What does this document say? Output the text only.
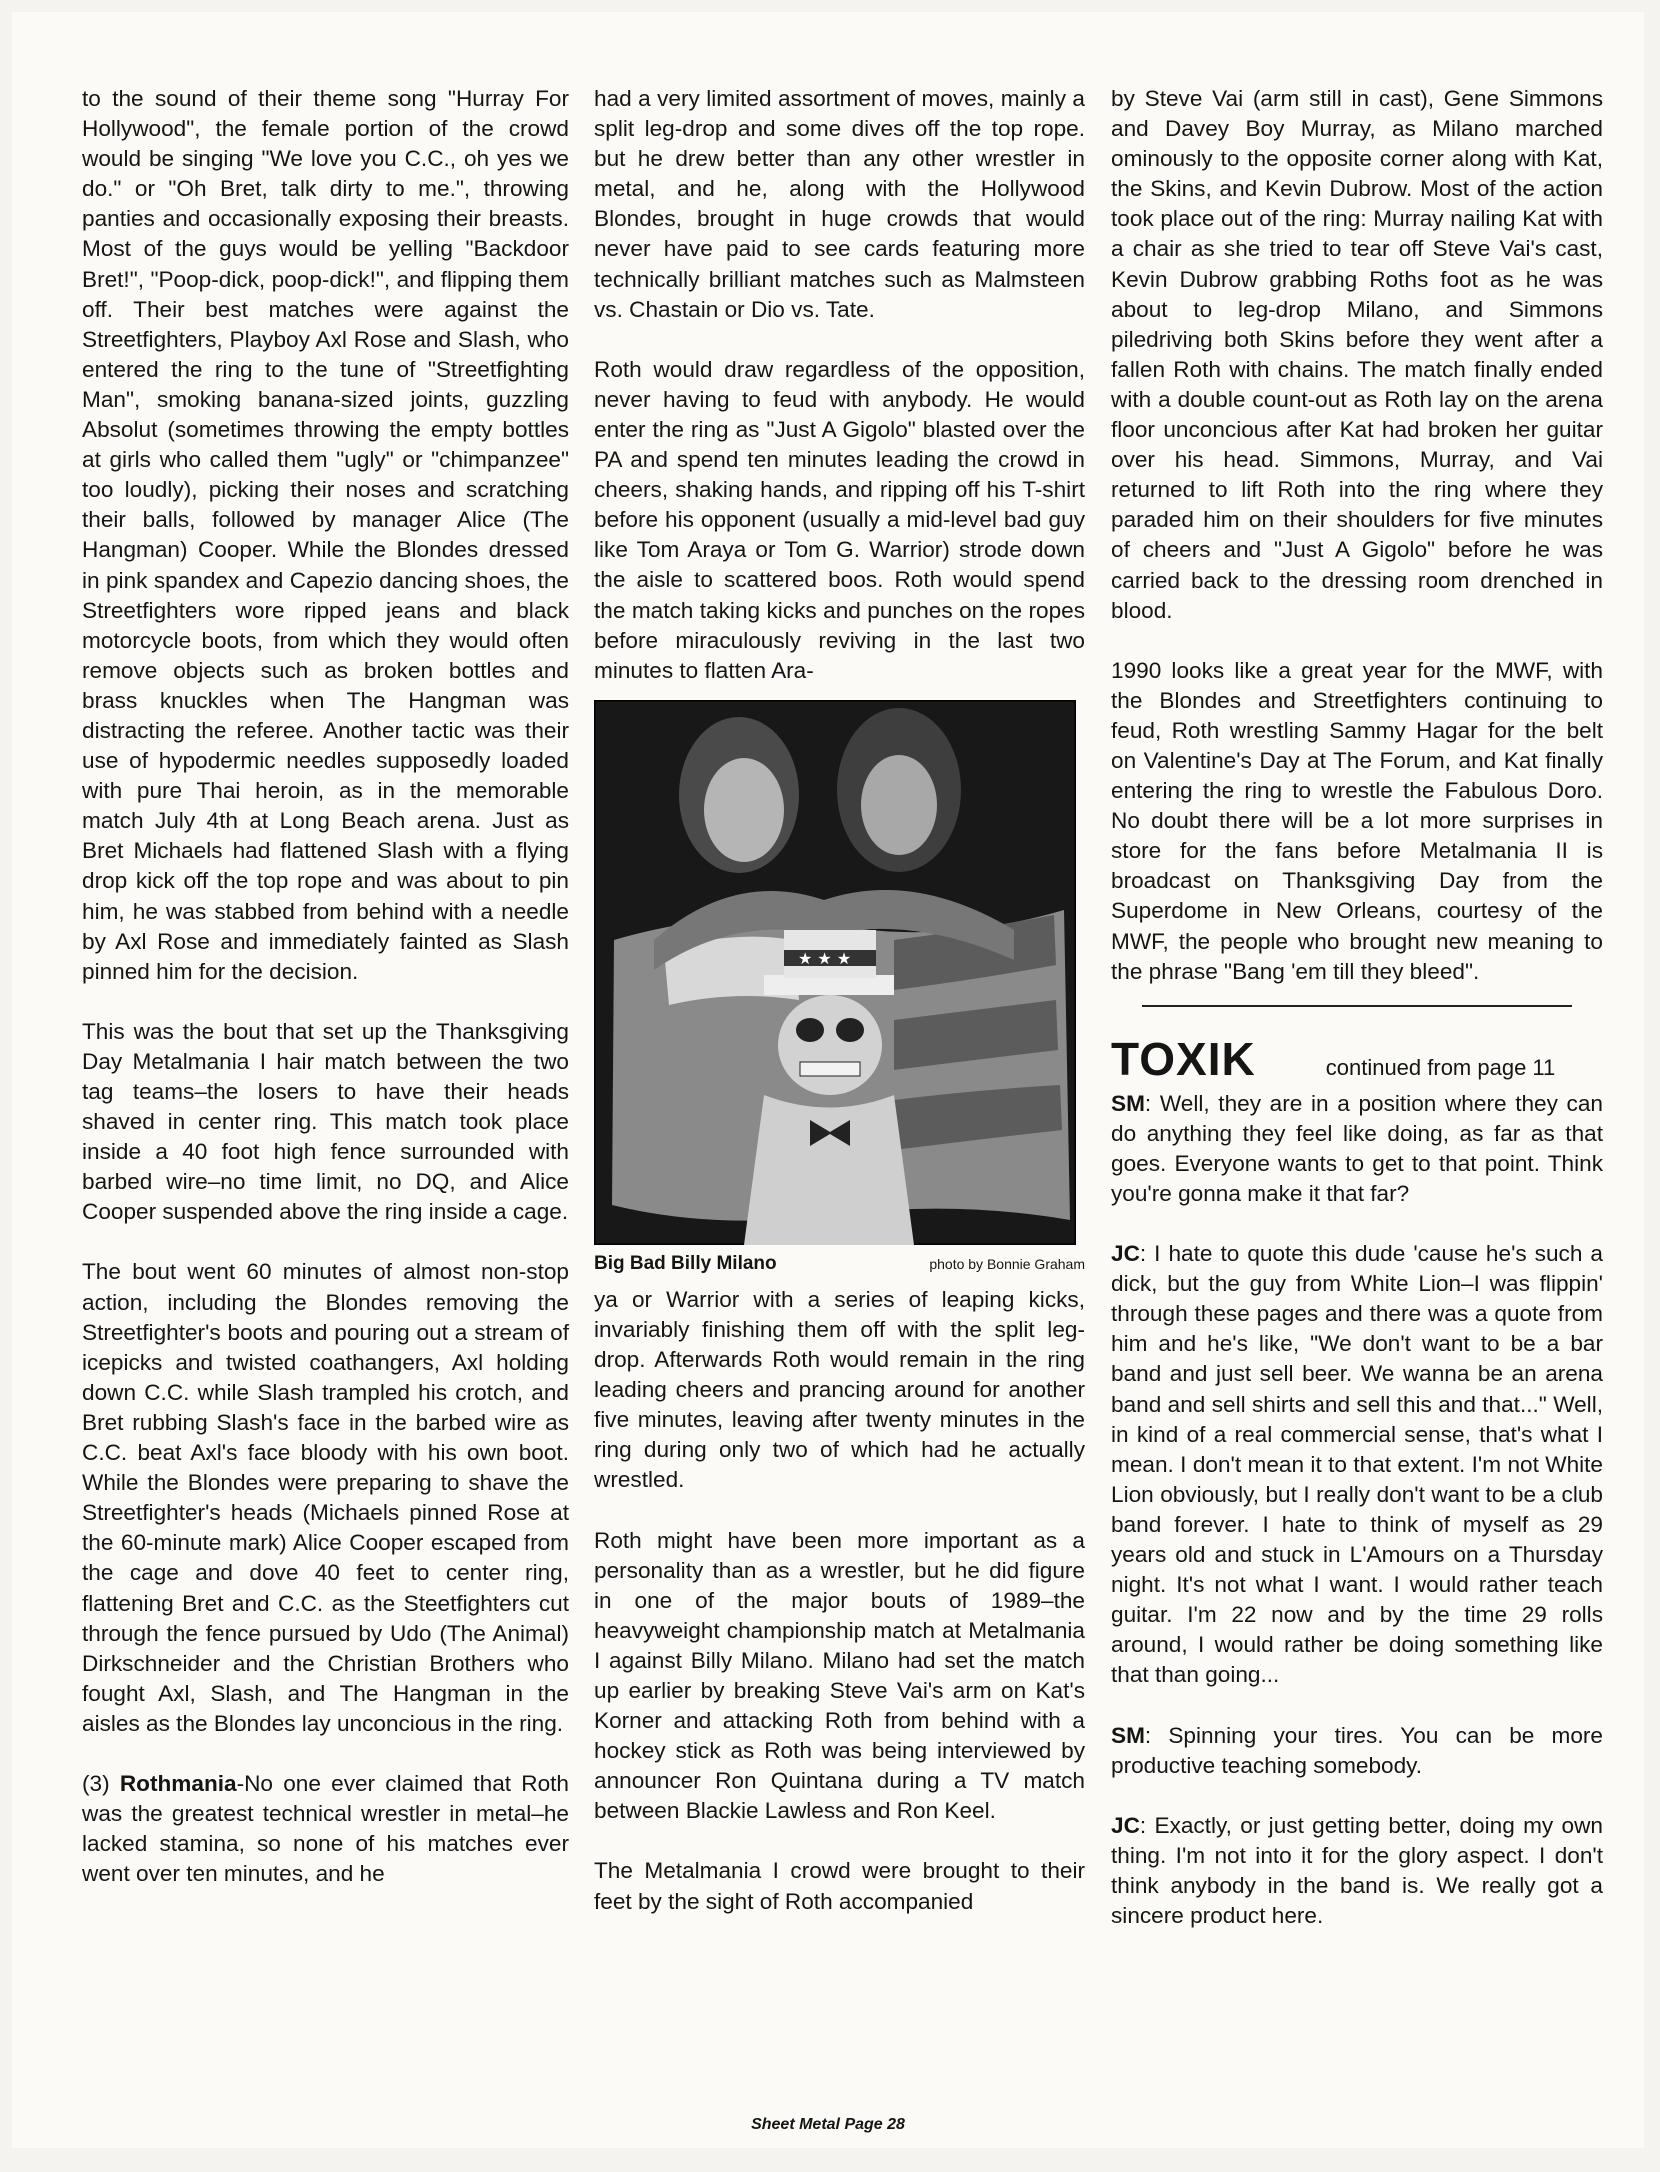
to the sound of their theme song "Hurray For Hollywood", the female portion of the crowd would be singing "We love you C.C., oh yes we do." or "Oh Bret, talk dirty to me.", throwing panties and occasionally exposing their breasts. Most of the guys would be yelling "Backdoor Bret!", "Poop-dick, poop-dick!", and flipping them off. Their best matches were against the Streetfighters, Playboy Axl Rose and Slash, who entered the ring to the tune of "Streetfighting Man", smoking banana-sized joints, guzzling Absolut (sometimes throwing the empty bottles at girls who called them "ugly" or "chimpanzee" too loudly), picking their noses and scratching their balls, followed by manager Alice (The Hangman) Cooper. While the Blondes dressed in pink spandex and Capezio dancing shoes, the Streetfighters wore ripped jeans and black motorcycle boots, from which they would often remove objects such as broken bottles and brass knuckles when The Hangman was distracting the referee. Another tactic was their use of hypodermic needles supposedly loaded with pure Thai heroin, as in the memorable match July 4th at Long Beach arena. Just as Bret Michaels had flattened Slash with a flying drop kick off the top rope and was about to pin him, he was stabbed from behind with a needle by Axl Rose and immediately fainted as Slash pinned him for the decision.

This was the bout that set up the Thanksgiving Day Metalmania I hair match between the two tag teams–the losers to have their heads shaved in center ring. This match took place inside a 40 foot high fence surrounded with barbed wire–no time limit, no DQ, and Alice Cooper suspended above the ring inside a cage.

The bout went 60 minutes of almost non-stop action, including the Blondes removing the Streetfighter's boots and pouring out a stream of icepicks and twisted coathangers, Axl holding down C.C. while Slash trampled his crotch, and Bret rubbing Slash's face in the barbed wire as C.C. beat Axl's face bloody with his own boot. While the Blondes were preparing to shave the Streetfighter's heads (Michaels pinned Rose at the 60-minute mark) Alice Cooper escaped from the cage and dove 40 feet to center ring, flattening Bret and C.C. as the Steetfighters cut through the fence pursued by Udo (The Animal) Dirkschneider and the Christian Brothers who fought Axl, Slash, and The Hangman in the aisles as the Blondes lay unconcious in the ring.

(3) Rothmania-No one ever claimed that Roth was the greatest technical wrestler in metal–he lacked stamina, so none of his matches ever went over ten minutes, and he

had a very limited assortment of moves, mainly a split leg-drop and some dives off the top rope. but he drew better than any other wrestler in metal, and he, along with the Hollywood Blondes, brought in huge crowds that would never have paid to see cards featuring more technically brilliant matches such as Malmsteen vs. Chastain or Dio vs. Tate.

Roth would draw regardless of the opposition, never having to feud with anybody. He would enter the ring as "Just A Gigolo" blasted over the PA and spend ten minutes leading the crowd in cheers, shaking hands, and ripping off his T-shirt before his opponent (usually a mid-level bad guy like Tom Araya or Tom G. Warrior) strode down the aisle to scattered boos. Roth would spend the match taking kicks and punches on the ropes before miraculously reviving in the last two minutes to flatten Ara-

★ ★ ★
Big Bad Billy Milano	photo by Bonnie Graham

ya or Warrior with a series of leaping kicks, invariably finishing them off with the split leg-drop. Afterwards Roth would remain in the ring leading cheers and prancing around for another five minutes, leaving after twenty minutes in the ring during only two of which had he actually wrestled.

Roth might have been more important as a personality than as a wrestler, but he did figure in one of the major bouts of 1989–the heavyweight championship match at Metalmania I against Billy Milano. Milano had set the match up earlier by breaking Steve Vai's arm on Kat's Korner and attacking Roth from behind with a hockey stick as Roth was being interviewed by announcer Ron Quintana during a TV match between Blackie Lawless and Ron Keel.

The Metalmania I crowd were brought to their feet by the sight of Roth accompanied

by Steve Vai (arm still in cast), Gene Simmons and Davey Boy Murray, as Milano marched ominously to the opposite corner along with Kat, the Skins, and Kevin Dubrow. Most of the action took place out of the ring: Murray nailing Kat with a chair as she tried to tear off Steve Vai's cast, Kevin Dubrow grabbing Roths foot as he was about to leg-drop Milano, and Simmons piledriving both Skins before they went after a fallen Roth with chains. The match finally ended with a double count-out as Roth lay on the arena floor unconcious after Kat had broken her guitar over his head. Simmons, Murray, and Vai returned to lift Roth into the ring where they paraded him on their shoulders for five minutes of cheers and "Just A Gigolo" before he was carried back to the dressing room drenched in blood.

1990 looks like a great year for the MWF, with the Blondes and Streetfighters continuing to feud, Roth wrestling Sammy Hagar for the belt on Valentine's Day at The Forum, and Kat finally entering the ring to wrestle the Fabulous Doro. No doubt there will be a lot more surprises in store for the fans before Metalmania II is broadcast on Thanksgiving Day from the Superdome in New Orleans, courtesy of the MWF, the people who brought new meaning to the phrase "Bang 'em till they bleed".

TOXIK	continued from page 11

SM: Well, they are in a position where they can do anything they feel like doing, as far as that goes. Everyone wants to get to that point. Think you're gonna make it that far?

JC: I hate to quote this dude 'cause he's such a dick, but the guy from White Lion–I was flippin' through these pages and there was a quote from him and he's like, "We don't want to be a bar band and just sell beer. We wanna be an arena band and sell shirts and sell this and that..." Well, in kind of a real commercial sense, that's what I mean. I don't mean it to that extent. I'm not White Lion obviously, but I really don't want to be a club band forever. I hate to think of myself as 29 years old and stuck in L'Amours on a Thursday night. It's not what I want. I would rather teach guitar. I'm 22 now and by the time 29 rolls around, I would rather be doing something like that than going...

SM: Spinning your tires. You can be more productive teaching somebody.

JC: Exactly, or just getting better, doing my own thing. I'm not into it for the glory aspect. I don't think anybody in the band is. We really got a sincere product here.

Sheet Metal Page 28
